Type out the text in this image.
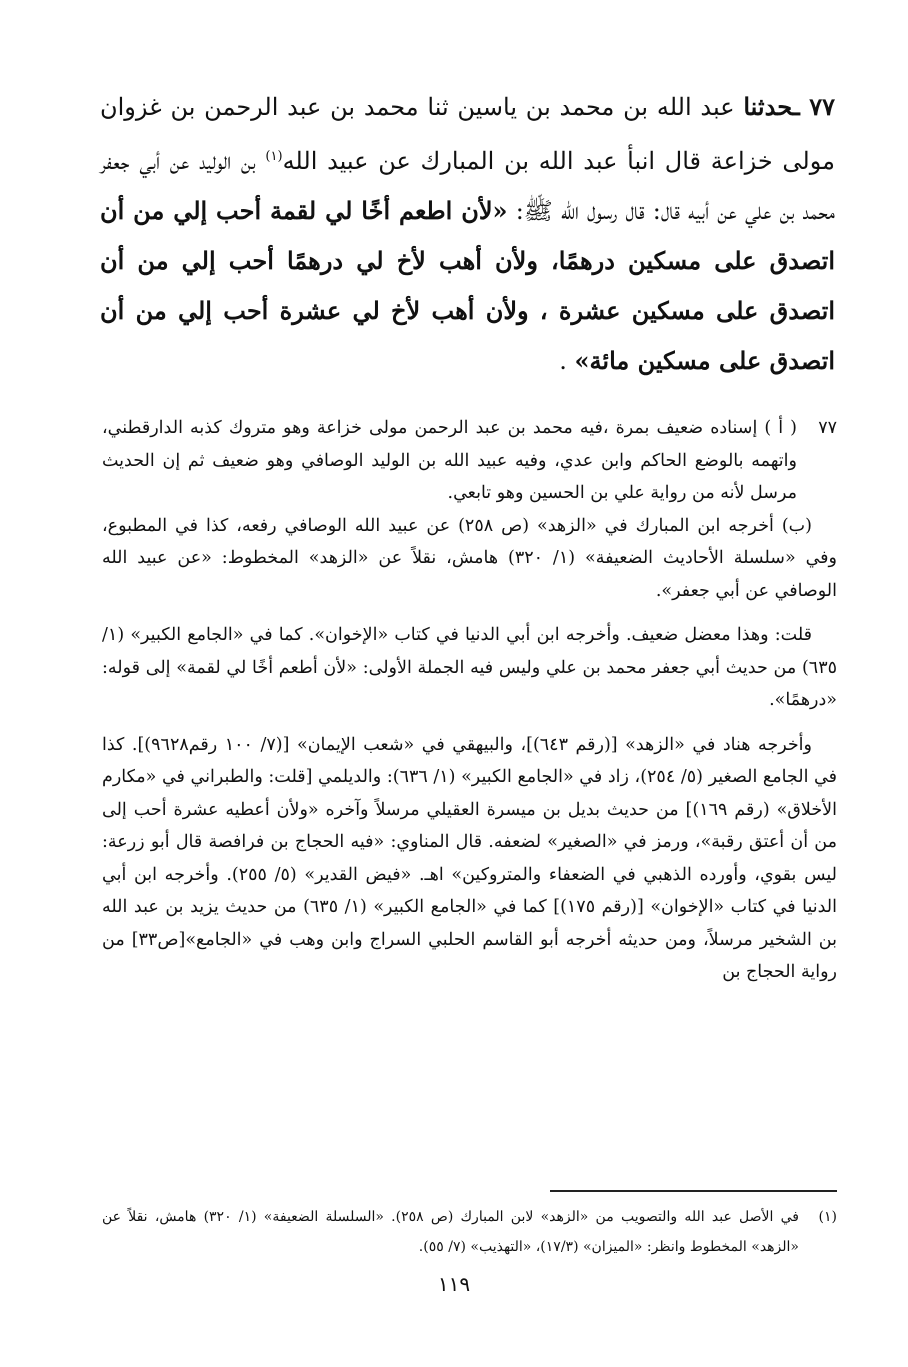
٧٧ ـحدثنا عبد الله بن محمد بن ياسين ثنا محمد بن عبد الرحمن بن غزوان مولى خزاعة قال انبأ عبد الله بن المبارك عن عبيد الله$^{(١)}$ بن الوليد عن أبي جعفر محمد بن علي عن أبيه قال: قال رسول الله ﷺ: «لأن اطعم أخًا لي لقمة أحب إلي من أن اتصدق على مسكين درهمًا، ولأن أهب لأخ لي درهمًا أحب إلي من أن اتصدق على مسكين عشرة ، ولأن أهب لأخ لي عشرة أحب إلي من أن اتصدق على مسكين مائة» .
٧٧
( أ ) إسناده ضعيف بمرة ،فيه محمد بن عبد الرحمن مولى خزاعة وهو متروك كذبه الدارقطني، واتهمه بالوضع الحاكم وابن عدي، وفيه عبيد الله بن الوليد الوصافي وهو ضعيف ثم إن الحديث مرسل لأنه من رواية علي بن الحسين وهو تابعي.

(ب) أخرجه ابن المبارك في «الزهد» (ص ٢٥٨) عن عبيد الله الوصافي رفعه، كذا في المطبوع، وفي «سلسلة الأحاديث الضعيفة» (١/ ٣٢٠) هامش، نقلاً عن «الزهد» المخطوط: «عن عبيد الله الوصافي عن أبي جعفر».

قلت: وهذا معضل ضعيف. وأخرجه ابن أبي الدنيا في كتاب «الإخوان». كما في «الجامع الكبير» (١/ ٦٣٥) من حديث أبي جعفر محمد بن علي وليس فيه الجملة الأولى: «لأن أطعم أخًا لي لقمة» إلى قوله: «درهمًا».

وأخرجه هناد في «الزهد» [(رقم ٦٤٣)]، والبيهقي في «شعب الإيمان» [(٧/ ١٠٠ رقم٩٦٢٨)]. كذا في الجامع الصغير (٥/ ٢٥٤)، زاد في «الجامع الكبير» (١/ ٦٣٦): والديلمي [قلت: والطبراني في «مكارم الأخلاق» (رقم ١٦٩)] من حديث بديل بن ميسرة العقيلي مرسلاً وآخره «ولأن أعطيه عشرة أحب إلى من أن أعتق رقبة»، ورمز في «الصغير» لضعفه. قال المناوي: «فيه الحجاج بن فرافصة قال أبو زرعة: ليس بقوي، وأورده الذهبي في الضعفاء والمتروكين» اهـ. «فيض القدير» (٥/ ٢٥٥). وأخرجه ابن أبي الدنيا في كتاب «الإخوان» [(رقم ١٧٥)] كما في «الجامع الكبير» (١/ ٦٣٥) من حديث يزيد بن عبد الله بن الشخير مرسلاً، ومن حديثه أخرجه أبو القاسم الحلبي السراج وابن وهب في «الجامع»[ص٣٣] من رواية الحجاج بن

(١)
في الأصل عبد الله والتصويب من «الزهد» لابن المبارك (ص ٢٥٨). «السلسلة الضعيفة» (١/ ٣٢٠) هامش، نقلاً عن «الزهد» المخطوط وانظر: «الميزان» (١٧/٣)، «التهذيب» (٧/ ٥٥).
١١٩
